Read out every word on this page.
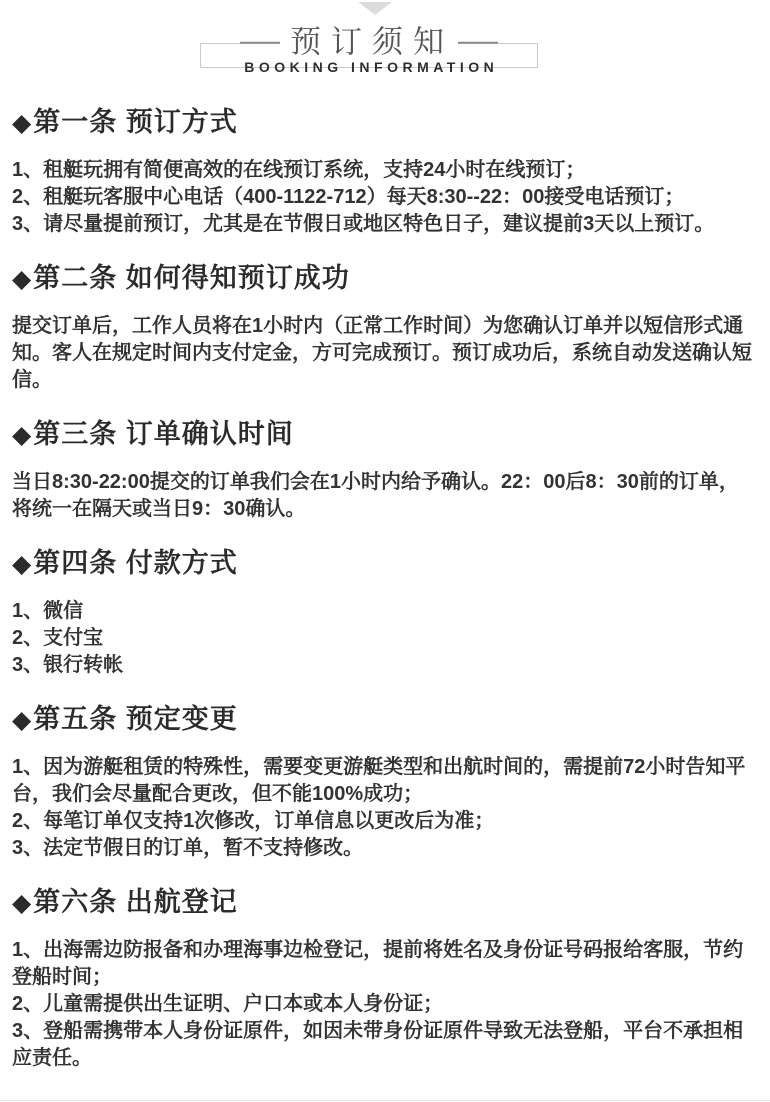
预订须知
BOOKING INFORMATION
◆第一条 预订方式

1、租艇玩拥有简便高效的在线预订系统，支持24小时在线预订；

2、租艇玩客服中心电话（400-1122-712）每天8:30--22：00接受电话预订；

3、请尽量提前预订，尤其是在节假日或地区特色日子，建议提前3天以上预订。

◆第二条 如何得知预订成功

提交订单后，工作人员将在1小时内（正常工作时间）为您确认订单并以短信形式通知。客人在规定时间内支付定金，方可完成预订。预订成功后，系统自动发送确认短信。

◆第三条 订单确认时间

当日8:30-22:00提交的订单我们会在1小时内给予确认。22：00后8：30前的订单，将统一在隔天或当日9：30确认。

◆第四条 付款方式

1、微信

2、支付宝

3、银行转帐

◆第五条 预定变更

1、因为游艇租赁的特殊性，需要变更游艇类型和出航时间的，需提前72小时告知平台，我们会尽量配合更改，但不能100%成功；

2、每笔订单仅支持1次修改，订单信息以更改后为准；

3、法定节假日的订单，暂不支持修改。

◆第六条 出航登记

1、出海需边防报备和办理海事边检登记，提前将姓名及身份证号码报给客服，节约登船时间；

2、儿童需提供出生证明、户口本或本人身份证；

3、登船需携带本人身份证原件，如因未带身份证原件导致无法登船，平台不承担相应责任。
